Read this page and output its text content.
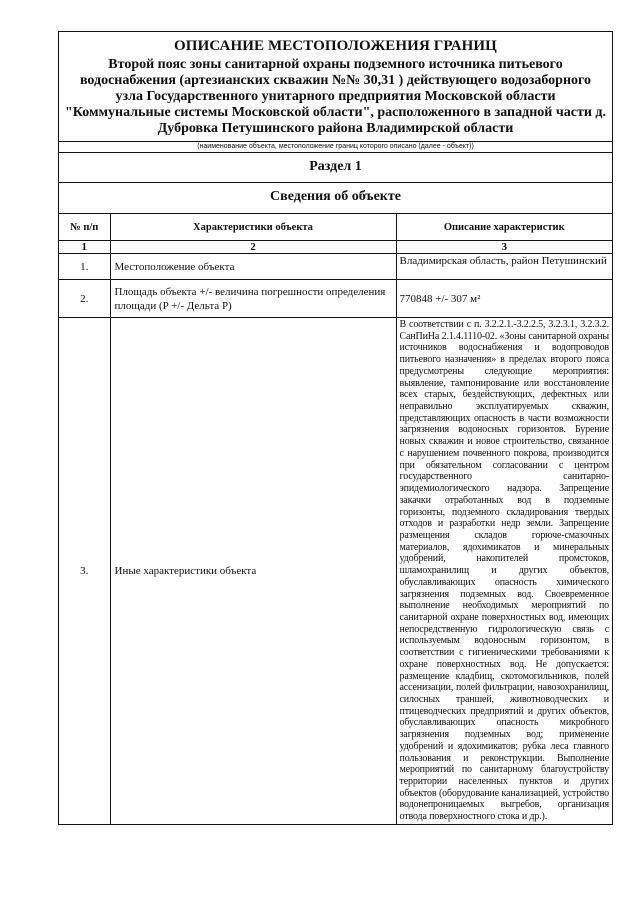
ОПИСАНИЕ МЕСТОПОЛОЖЕНИЯ ГРАНИЦ
Второй пояс зоны санитарной охраны подземного источника питьевого водоснабжения (артезианских скважин №№ 30,31 ) действующего водозаборного узла Государственного унитарного предприятия Московской области "Коммунальные системы Московской области", расположенного в западной части д. Дубровка Петушинского района Владимирской области
(наименование объекта, местоположение границ которого описано (далее - объект))
Раздел 1
Сведения об объекте
№ п/п	Характеристики объекта	Описание характеристик
1	2	3
1.	Местоположение объекта	Владимирская область, район Петушинский
2.	Площадь объекта +/- величина погрешности определения площади (P +/- Дельта P)	770848 +/- 307 м²
3.	Иные характеристики объекта	В соответствии с п. 3.2.2.1.-3.2.2.5, 3.2.3.1, 3.2.3.2. СанПиНа 2.1.4.1110-02. «Зоны санитарной охраны источников водоснабжения и водопроводов питьевого назначения» в пределах второго пояса предусмотрены следующие мероприятия: выявление, тампонирование или восстановление всех старых, бездействующих, дефектных или неправильно эксплуатируемых скважин, представляющих опасность в части возможности загрязнения водоносных горизонтов. Бурение новых скважин и новое строительство, связанное с нарушением почвенного покрова, производится при обязательном согласовании с центром государственного санитарно-эпидемиологического надзора. Запрещение закачки отработанных вод в подземные горизонты, подземного складирования твердых отходов и разработки недр земли. Запрещение размещения складов горюче-смазочных материалов, ядохимикатов и минеральных удобрений, накопителей промстоков, шламохранилищ и других объектов, обуславливающих опасность химического загрязнения подземных вод. Своевременное выполнение необходимых мероприятий по санитарной охране поверхностных вод, имеющих непосредственную гидрологическую связь с используемым водоносным горизонтом, в соответствии с гигиеническими требованиями к охране поверхностных вод. Не допускается: размещение кладбищ, скотомогильников, полей ассенизации, полей фильтрации, навозохранилищ, силосных траншей, животноводческих и птицеводческих предприятий и других объектов, обуславливающих опасность микробного загрязнения подземных вод; применение удобрений и ядохимикатов; рубка леса главного пользования и реконструкции. Выполнение мероприятий по санитарному благоустройству территории населенных пунктов и других объектов (оборудование канализацией, устройство водонепроницаемых выгребов, организация отвода поверхностного стока и др.).
